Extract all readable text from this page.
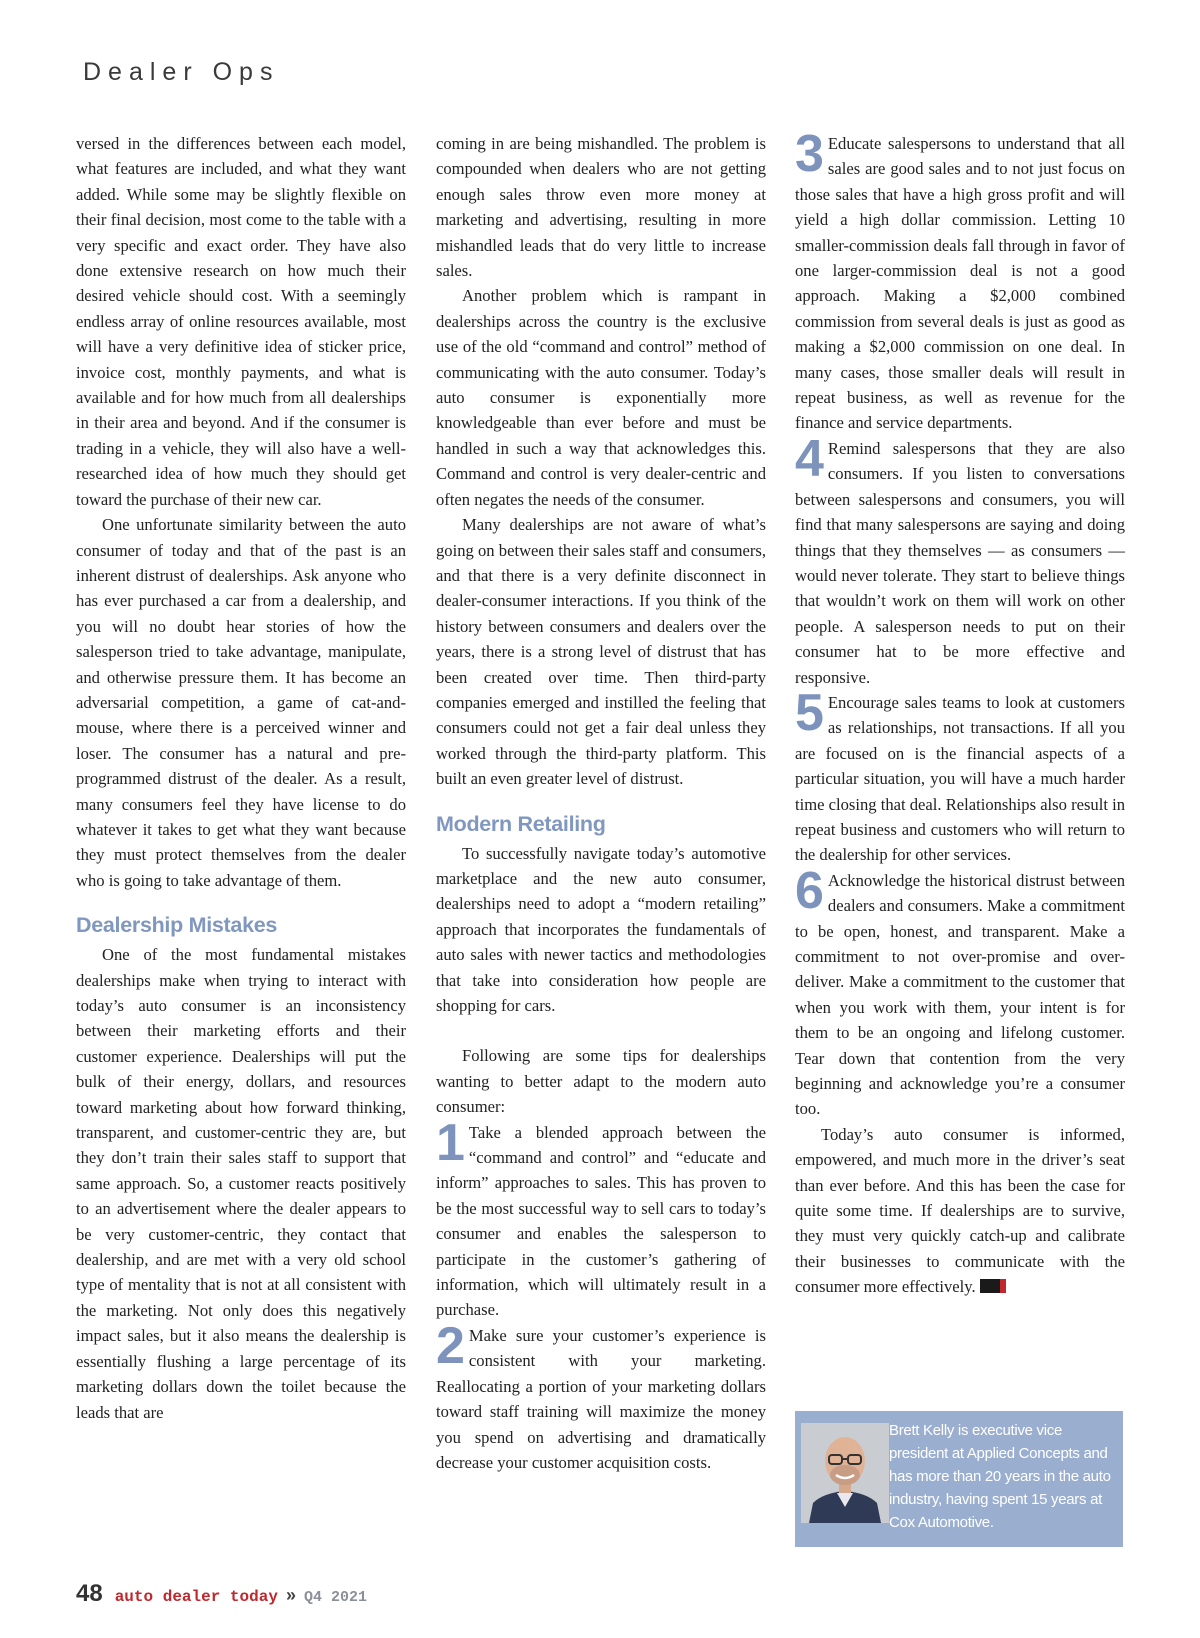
Dealer Ops

versed in the differences between each model, what features are included, and what they want added. While some may be slightly flexible on their final decision, most come to the table with a very specific and exact order. They have also done extensive research on how much their desired vehicle should cost. With a seemingly endless array of online resources available, most will have a very definitive idea of sticker price, invoice cost, monthly payments, and what is available and for how much from all dealerships in their area and beyond. And if the consumer is trading in a vehicle, they will also have a well-researched idea of how much they should get toward the purchase of their new car.

One unfortunate similarity between the auto consumer of today and that of the past is an inherent distrust of dealerships. Ask anyone who has ever purchased a car from a dealership, and you will no doubt hear stories of how the salesperson tried to take advantage, manipulate, and otherwise pressure them. It has become an adversarial competition, a game of cat-and-mouse, where there is a perceived winner and loser. The consumer has a natural and pre-programmed distrust of the dealer. As a result, many consumers feel they have license to do whatever it takes to get what they want because they must protect themselves from the dealer who is going to take advantage of them.

Dealership Mistakes

One of the most fundamental mistakes dealerships make when trying to interact with today’s auto consumer is an inconsistency between their marketing efforts and their customer experience. Dealerships will put the bulk of their energy, dollars, and resources toward marketing about how forward thinking, transparent, and customer-centric they are, but they don’t train their sales staff to support that same approach. So, a customer reacts positively to an advertisement where the dealer appears to be very customer-centric, they contact that dealership, and are met with a very old school type of mentality that is not at all consistent with the marketing. Not only does this negatively impact sales, but it also means the dealership is essentially flushing a large percentage of its marketing dollars down the toilet because the leads that are

coming in are being mishandled. The problem is compounded when dealers who are not getting enough sales throw even more money at marketing and advertising, resulting in more mishandled leads that do very little to increase sales.

Another problem which is rampant in dealerships across the country is the exclusive use of the old “command and control” method of communicating with the auto consumer. Today’s auto consumer is exponentially more knowledgeable than ever before and must be handled in such a way that acknowledges this. Command and control is very dealer-centric and often negates the needs of the consumer.

Many dealerships are not aware of what’s going on between their sales staff and consumers, and that there is a very definite disconnect in dealer-consumer interactions. If you think of the history between consumers and dealers over the years, there is a strong level of distrust that has been created over time. Then third-party companies emerged and instilled the feeling that consumers could not get a fair deal unless they worked through the third-party platform. This built an even greater level of distrust.

Modern Retailing

To successfully navigate today’s automotive marketplace and the new auto consumer, dealerships need to adopt a “modern retailing” approach that incorporates the fundamentals of auto sales with newer tactics and methodologies that take into consideration how people are shopping for cars.

Following are some tips for dealerships wanting to better adapt to the modern auto consumer:

1 Take a blended approach between the “command and control” and “educate and inform” approaches to sales. This has proven to be the most successful way to sell cars to today’s consumer and enables the salesperson to participate in the customer’s gathering of information, which will ultimately result in a purchase.

2 Make sure your customer’s experience is consistent with your marketing. Reallocating a portion of your marketing dollars toward staff training will maximize the money you spend on advertising and dramatically decrease your customer acquisition costs.

3 Educate salespersons to understand that all sales are good sales and to not just focus on those sales that have a high gross profit and will yield a high dollar commission. Letting 10 smaller-commission deals fall through in favor of one larger-commission deal is not a good approach. Making a $2,000 combined commission from several deals is just as good as making a $2,000 commission on one deal. In many cases, those smaller deals will result in repeat business, as well as revenue for the finance and service departments.

4 Remind salespersons that they are also consumers. If you listen to conversations between salespersons and consumers, you will find that many salespersons are saying and doing things that they themselves — as consumers — would never tolerate. They start to believe things that wouldn’t work on them will work on other people. A salesperson needs to put on their consumer hat to be more effective and responsive.

5 Encourage sales teams to look at customers as relationships, not transactions. If all you are focused on is the financial aspects of a particular situation, you will have a much harder time closing that deal. Relationships also result in repeat business and customers who will return to the dealership for other services.

6 Acknowledge the historical distrust between dealers and consumers. Make a commitment to be open, honest, and transparent. Make a commitment to not over-promise and over-deliver. Make a commitment to the customer that when you work with them, your intent is for them to be an ongoing and lifelong customer. Tear down that contention from the very beginning and acknowledge you’re a consumer too.

Today’s auto consumer is informed, empowered, and much more in the driver’s seat than ever before. And this has been the case for quite some time. If dealerships are to survive, they must very quickly catch-up and calibrate their businesses to communicate with the consumer more effectively.

Brett Kelly is executive vice president at Applied Concepts and has more than 20 years in the auto industry, having spent 15 years at Cox Automotive.
48 auto dealer today » Q4 2021
